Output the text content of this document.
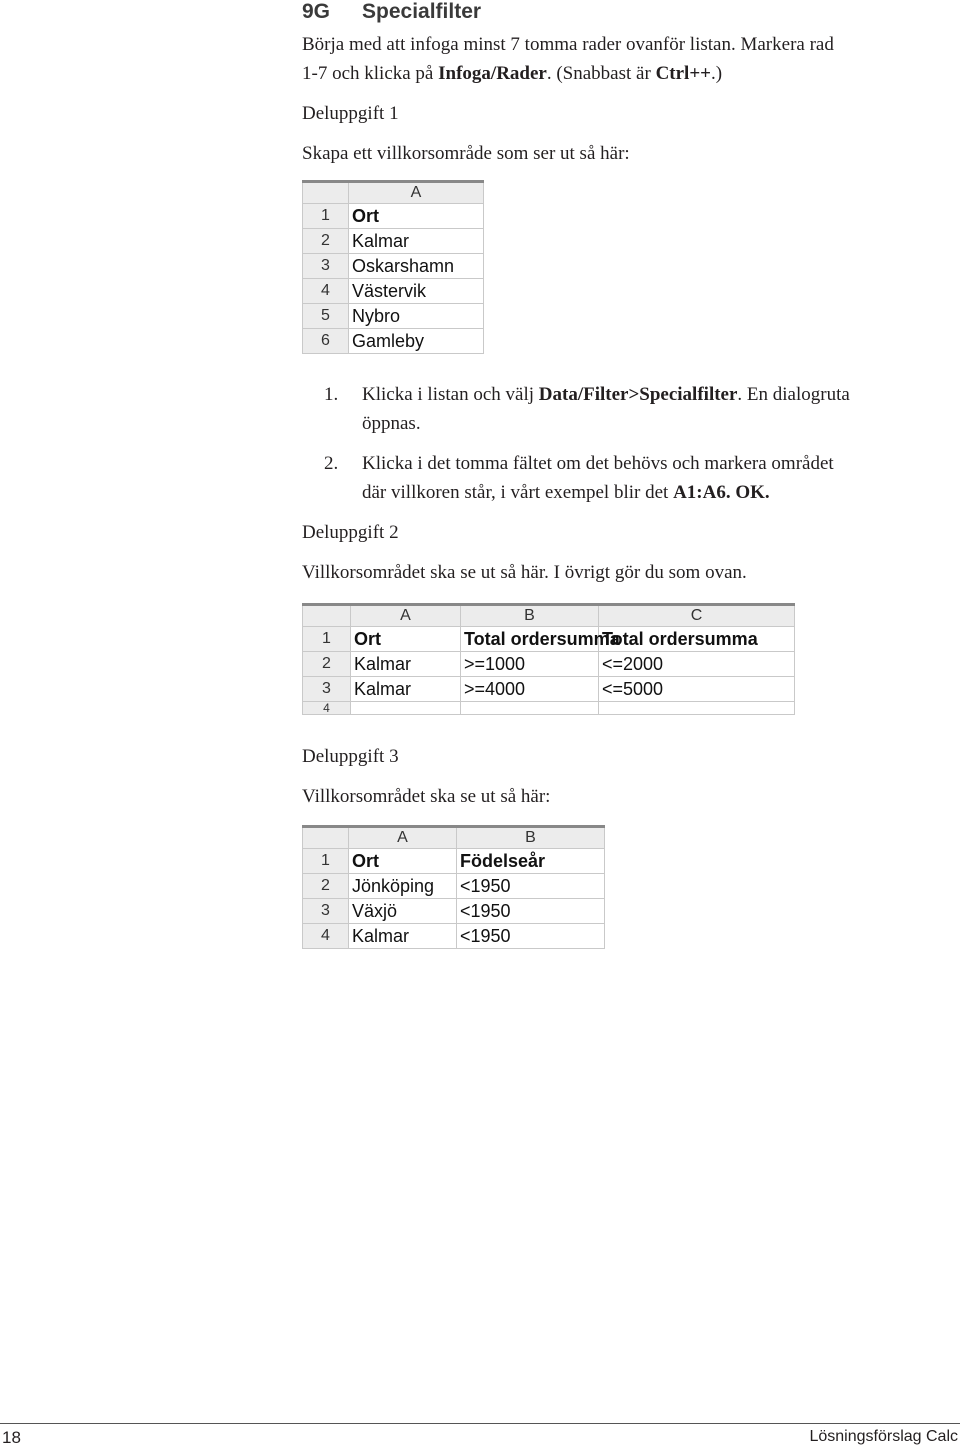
9G Specialfilter
Börja med att infoga minst 7 tomma rader ovanför listan. Markera rad
1-7 och klicka på Infoga/Rader. (Snabbast är Ctrl++.)
Deluppgift 1
Skapa ett villkorsområde som ser ut så här:
	A
1	Ort
2	Kalmar
3	Oskarshamn
4	Västervik
5	Nybro
6	Gamleby
1. Klicka i listan och välj Data/Filter>Specialfilter. En dialogruta
öppnas.
2. Klicka i det tomma fältet om det behövs och markera området
där villkoren står, i vårt exempel blir det A1:A6. OK.
Deluppgift 2
Villkorsområdet ska se ut så här. I övrigt gör du som ovan.
	A	B	C
1	Ort	Total ordersumma	Total ordersumma
2	Kalmar	>=1000	<=2000
3	Kalmar	>=4000	<=5000
4			
Deluppgift 3
Villkorsområdet ska se ut så här:
	A	B
1	Ort	Födelseår
2	Jönköping	<1950
3	Växjö	<1950
4	Kalmar	<1950
18	Lösningsförslag Calc
